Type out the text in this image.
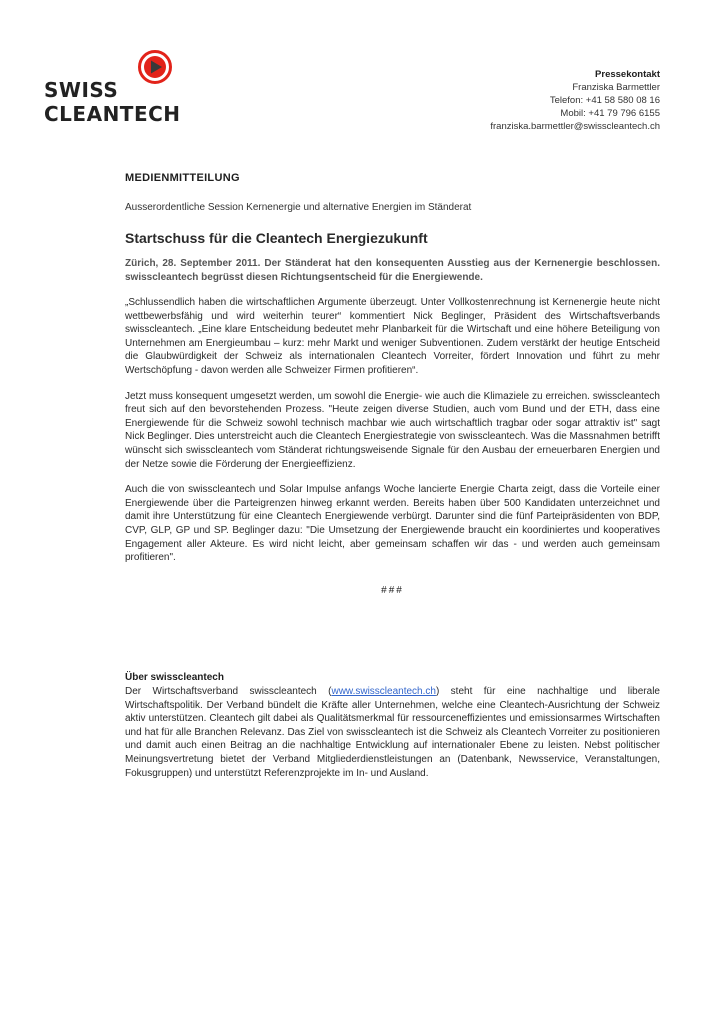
SWISS
CLEANTECH
Pressekontakt
Franziska Barmettler
Telefon: +41 58 580 08 16
Mobil: +41 79 796 6155
franziska.barmettler@swisscleantech.ch

MEDIENMITTEILUNG

Ausserordentliche Session Kernenergie und alternative Energien im Ständerat

Startschuss für die Cleantech Energiezukunft

Zürich, 28. September 2011. Der Ständerat hat den konsequenten Ausstieg aus der Kernenergie beschlossen. swisscleantech begrüsst diesen Richtungsentscheid für die Energiewende.

„Schlussendlich haben die wirtschaftlichen Argumente überzeugt. Unter Vollkostenrechnung ist Kernenergie heute nicht wettbewerbsfähig und wird weiterhin teurer“ kommentiert Nick Beglinger, Präsident des Wirtschaftsverbands swisscleantech. „Eine klare Entscheidung bedeutet mehr Planbarkeit für die Wirtschaft und eine höhere Beteiligung von Unternehmen am Energieumbau – kurz: mehr Markt und weniger Subventionen. Zudem verstärkt der heutige Entscheid die Glaubwürdigkeit der Schweiz als internationalen Cleantech Vorreiter, fördert Innovation und führt zu mehr Wertschöpfung - davon werden alle Schweizer Firmen profitieren“.

Jetzt muss konsequent umgesetzt werden, um sowohl die Energie- wie auch die Klimaziele zu erreichen. swisscleantech freut sich auf den bevorstehenden Prozess. "Heute zeigen diverse Studien, auch vom Bund und der ETH, dass eine Energiewende für die Schweiz sowohl technisch machbar wie auch wirtschaftlich tragbar oder sogar attraktiv ist" sagt Nick Beglinger. Dies unterstreicht auch die Cleantech Energiestrategie von swisscleantech. Was die Massnahmen betrifft wünscht sich swisscleantech vom Ständerat richtungsweisende Signale für den Ausbau der erneuerbaren Energien und der Netze sowie die Förderung der Energieeffizienz.

Auch die von swisscleantech und Solar Impulse anfangs Woche lancierte Energie Charta zeigt, dass die Vorteile einer Energiewende über die Parteigrenzen hinweg erkannt werden. Bereits haben über 500 Kandidaten unterzeichnet und damit ihre Unterstützung für eine Cleantech Energiewende verbürgt. Darunter sind die fünf Parteipräsidenten von BDP, CVP, GLP, GP und SP. Beglinger dazu: "Die Umsetzung der Energiewende braucht ein koordiniertes und kooperatives Engagement aller Akteure. Es wird nicht leicht, aber gemeinsam schaffen wir das - und werden auch gemeinsam profitieren".

###

Über swisscleantech

Der Wirtschaftsverband swisscleantech (www.swisscleantech.ch) steht für eine nachhaltige und liberale Wirtschaftspolitik. Der Verband bündelt die Kräfte aller Unternehmen, welche eine Cleantech-Ausrichtung der Schweiz aktiv unterstützen. Cleantech gilt dabei als Qualitätsmerkmal für ressourceneffizientes und emissionsarmes Wirtschaften und hat für alle Branchen Relevanz. Das Ziel von swisscleantech ist die Schweiz als Cleantech Vorreiter zu positionieren und damit auch einen Beitrag an die nachhaltige Entwicklung auf internationaler Ebene zu leisten. Nebst politischer Meinungsvertretung bietet der Verband Mitgliederdienstleistungen an (Datenbank, Newsservice, Veranstaltungen, Fokusgruppen) und unterstützt Referenzprojekte im In- und Ausland.
